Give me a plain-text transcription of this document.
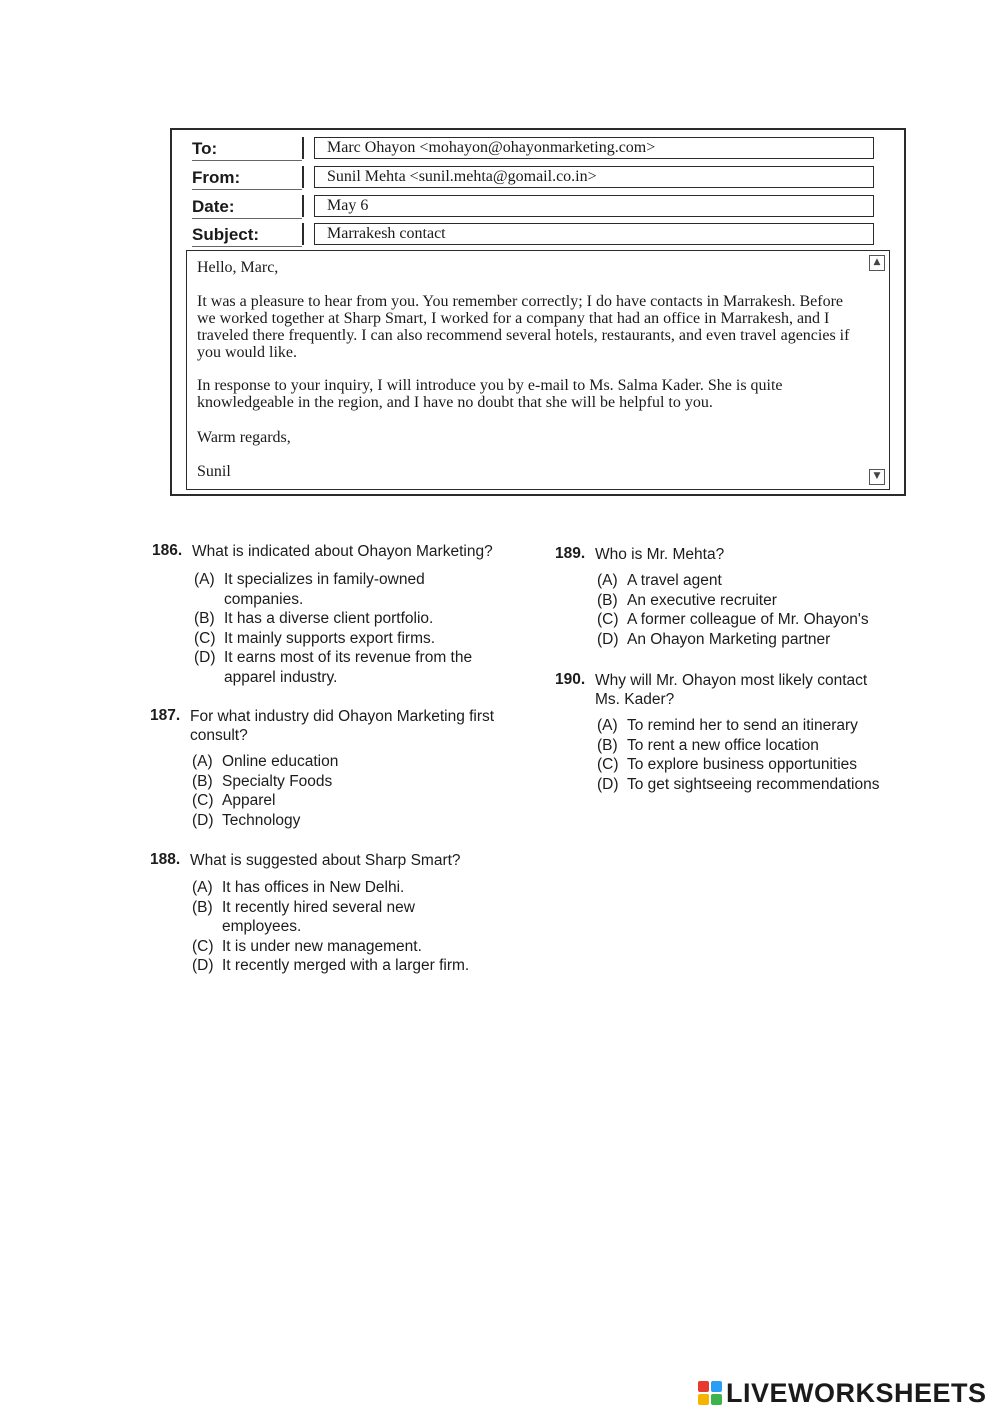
To:	Marc Ohayon <mohayon@ohayonmarketing.com>
From:	Sunil Mehta <sunil.mehta@gomail.co.in>
Date:	May 6
Subject:	Marrakesh contact
▲

Hello, Marc,

It was a pleasure to hear from you. You remember correctly; I do have contacts in Marrakesh. Before we worked together at Sharp Smart, I worked for a company that had an office in Marrakesh, and I traveled there frequently. I can also recommend several hotels, restaurants, and even travel agencies if you would like.

In response to your inquiry, I will introduce you by e-mail to Ms. Salma Kader. She is quite knowledgeable in the region, and I have no doubt that she will be helpful to you.

Warm regards,

Sunil	▼
186. What is indicated about Ohayon Marketing?
(A) It specializes in family-owned companies.
(B) It has a diverse client portfolio.
(C) It mainly supports export firms.
(D) It earns most of its revenue from the apparel industry.
187. For what industry did Ohayon Marketing first consult?
(A) Online education
(B) Specialty Foods
(C) Apparel
(D) Technology
188. What is suggested about Sharp Smart?
(A) It has offices in New Delhi.
(B) It recently hired several new employees.
(C) It is under new management.
(D) It recently merged with a larger firm.
189. Who is Mr. Mehta?
(A) A travel agent
(B) An executive recruiter
(C) A former colleague of Mr. Ohayon's
(D) An Ohayon Marketing partner
190. Why will Mr. Ohayon most likely contact Ms. Kader?
(A) To remind her to send an itinerary
(B) To rent a new office location
(C) To explore business opportunities
(D) To get sightseeing recommendations
LIVEWORKSHEETS
